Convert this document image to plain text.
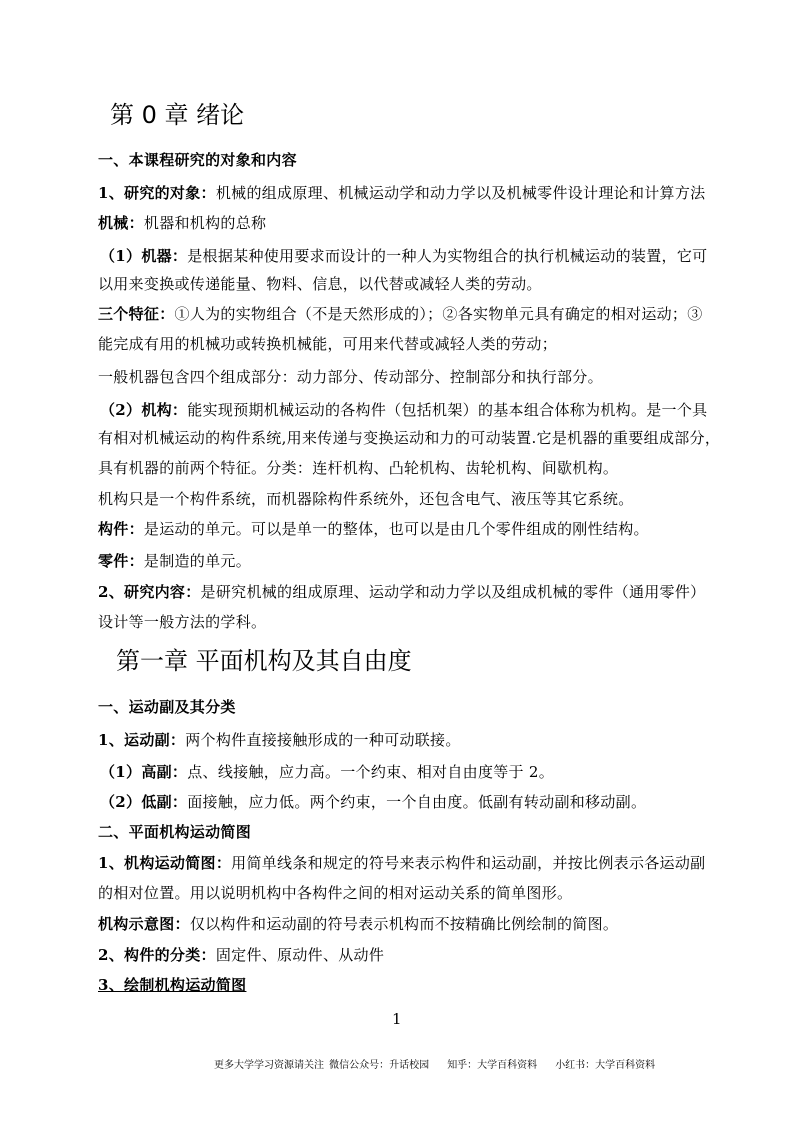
第 0 章 绪论
一、本课程研究的对象和内容
1、研究的对象：机械的组成原理、机械运动学和动力学以及机械零件设计理论和计算方法
机械：机器和机构的总称
（1）机器：是根据某种使用要求而设计的一种人为实物组合的执行机械运动的装置，它可
以用来变换或传递能量、物料、信息，以代替或减轻人类的劳动。
三个特征：①人为的实物组合（不是天然形成的）；②各实物单元具有确定的相对运动；③
能完成有用的机械功或转换机械能，可用来代替或减轻人类的劳动；
一般机器包含四个组成部分：动力部分、传动部分、控制部分和执行部分。
（2）机构：能实现预期机械运动的各构件（包括机架）的基本组合体称为机构。是一个具
有相对机械运动的构件系统,用来传递与变换运动和力的可动装置.它是机器的重要组成部分，
具有机器的前两个特征。分类：连杆机构、凸轮机构、齿轮机构、间歇机构。
机构只是一个构件系统，而机器除构件系统外，还包含电气、液压等其它系统。
构件：是运动的单元。可以是单一的整体，也可以是由几个零件组成的刚性结构。
零件：是制造的单元。
2、研究内容：是研究机械的组成原理、运动学和动力学以及组成机械的零件（通用零件）
设计等一般方法的学科。
第一章 平面机构及其自由度
一、运动副及其分类
1、运动副：两个构件直接接触形成的一种可动联接。
（1）高副：点、线接触，应力高。一个约束、相对自由度等于 2。
（2）低副：面接触，应力低。两个约束，一个自由度。低副有转动副和移动副。
二、平面机构运动简图
1、机构运动简图：用简单线条和规定的符号来表示构件和运动副，并按比例表示各运动副
的相对位置。用以说明机构中各构件之间的相对运动关系的简单图形。
机构示意图：仅以构件和运动副的符号表示机构而不按精确比例绘制的简图。
2、构件的分类：固定件、原动件、从动件
3、绘制机构运动简图
1
更多大学学习资源请关注 微信公众号：升话校园 知乎：大学百科资料 小红书：大学百科资料
